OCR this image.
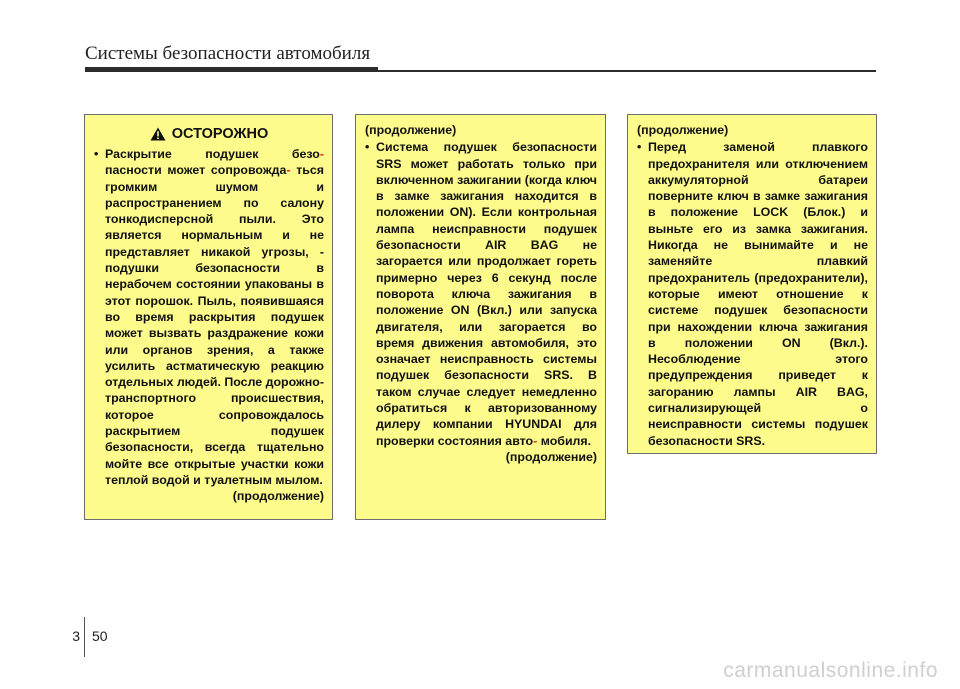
Системы безопасности автомобиля
ОСТОРОЖНО
• Раскрытие подушек безо- пасности может сопровожда- ться громким шумом и распространением по салону тонкодисперсной пыли. Это является нормальным и не представляет никакой угрозы, - подушки безопасности в нерабочем состоянии упакованы в этот порошок. Пыль, появившаяся во время раскрытия подушек может вызвать раздражение кожи или органов зрения, а также усилить астматическую реакцию отдельных людей. После дорожно-транспортного происшествия, которое сопровождалось раскрытием подушек безопасности, всегда тщательно мойте все открытые участки кожи теплой водой и туалетным мылом.
(продолжение)
(продолжение)
• Система подушек безопасности SRS может работать только при включенном зажигании (когда ключ в замке зажигания находится в положении ON). Если контрольная лампа неисправности подушек безопасности AIR BAG не загорается или продолжает гореть примерно через 6 секунд после поворота ключа зажигания в положение ON (Вкл.) или запуска двигателя, или загорается во время движения автомобиля, это означает неисправность системы подушек безопасности SRS. В таком случае следует немедленно обратиться к авторизованному дилеру компании HYUNDAI для проверки состояния авто- мобиля.
(продолжение)
(продолжение)
• Перед заменой плавкого предохранителя или отключением аккумуляторной батареи поверните ключ в замке зажигания в положение LOCK (Блок.) и выньте его из замка зажигания. Никогда не вынимайте и не заменяйте плавкий предохранитель (предохранители), которые имеют отношение к системе подушек безопасности при нахождении ключа зажигания в положении ON (Вкл.). Несоблюдение этого предупреждения приведет к загоранию лампы AIR BAG, сигнализирующей о неисправности системы подушек безопасности SRS.
3 50
carmanualsonline.info
